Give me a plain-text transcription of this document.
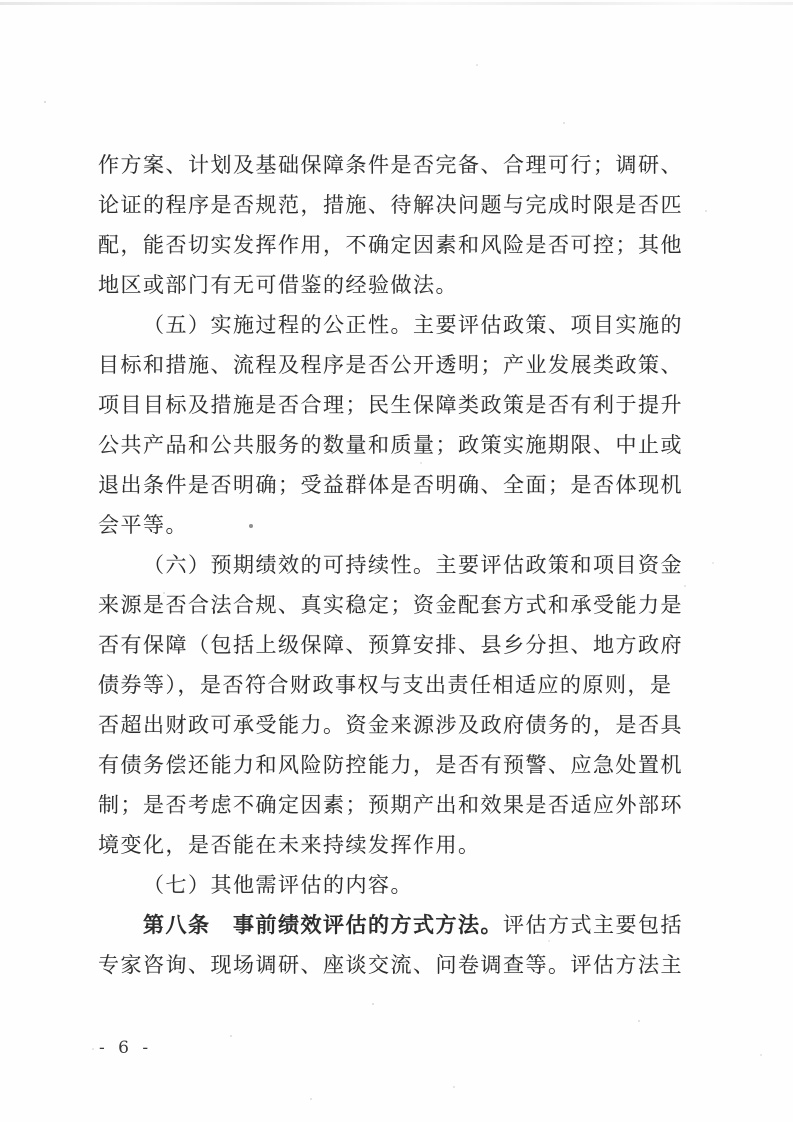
作方案、计划及基础保障条件是否完备、合理可行；调研、
论证的程序是否规范，措施、待解决问题与完成时限是否匹
配，能否切实发挥作用，不确定因素和风险是否可控；其他
地区或部门有无可借鉴的经验做法。
（五）实施过程的公正性。主要评估政策、项目实施的
目标和措施、流程及程序是否公开透明；产业发展类政策、
项目目标及措施是否合理；民生保障类政策是否有利于提升
公共产品和公共服务的数量和质量；政策实施期限、中止或
退出条件是否明确；受益群体是否明确、全面；是否体现机
会平等。
（六）预期绩效的可持续性。主要评估政策和项目资金
来源是否合法合规、真实稳定；资金配套方式和承受能力是
否有保障（包括上级保障、预算安排、县乡分担、地方政府
债券等），是否符合财政事权与支出责任相适应的原则，是
否超出财政可承受能力。资金来源涉及政府债务的，是否具
有债务偿还能力和风险防控能力，是否有预警、应急处置机
制；是否考虑不确定因素；预期产出和效果是否适应外部环
境变化，是否能在未来持续发挥作用。
（七）其他需评估的内容。
第八条　事前绩效评估的方式方法。评估方式主要包括
专家咨询、现场调研、座谈交流、问卷调查等。评估方法主
- 6 -
